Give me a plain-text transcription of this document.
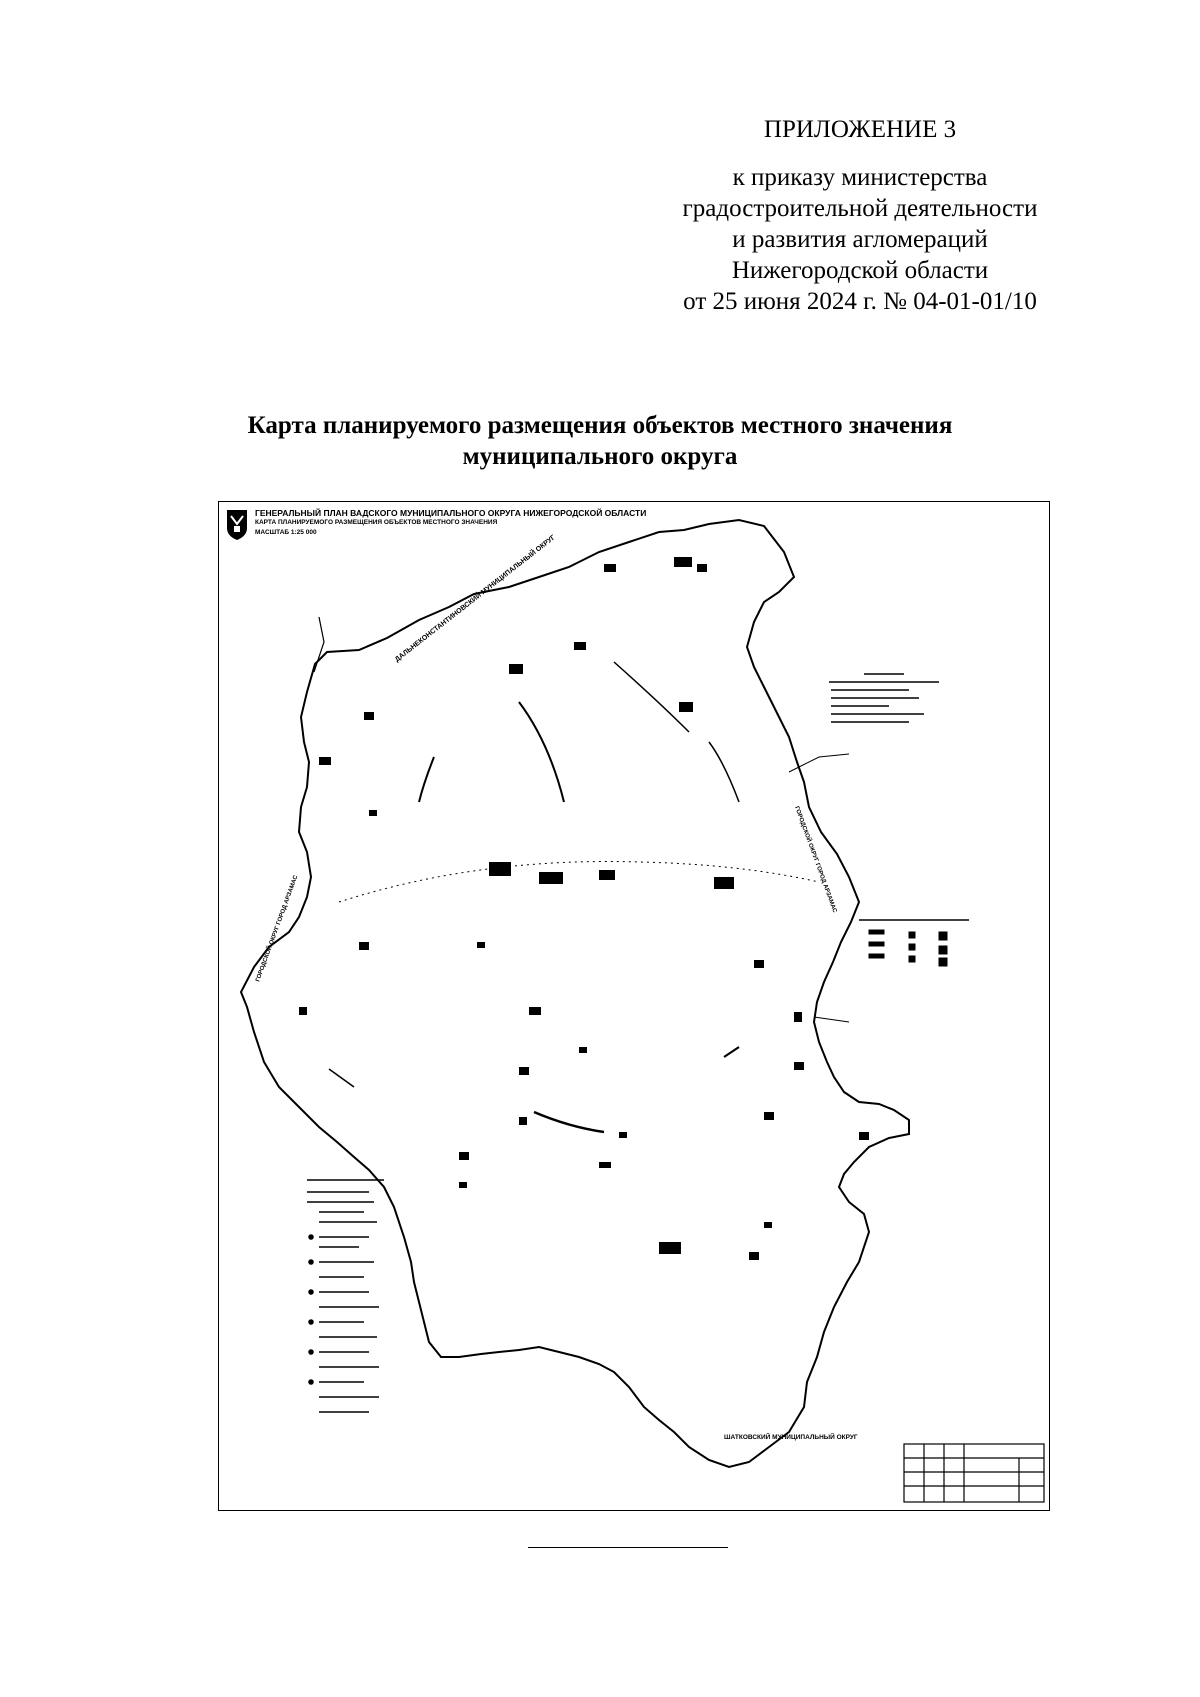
ПРИЛОЖЕНИЕ 3
к приказу министерства
градостроительной деятельности
и развития агломераций
Нижегородской области
от 25 июня 2024 г. № 04-01-01/10
Карта планируемого размещения объектов местного значения
муниципального округа
ДАЛЬНЕКОНСТАНТИНОВСКИЙ МУНИЦИПАЛЬНЫЙ ОКРУГ
ГОРОДСКОЙ ОКРУГ ГОРОД АРЗАМАС
ГОРОДСКОЙ ОКРУГ ГОРОД АРЗАМАС
ШАТКОВСКИЙ МУНИЦИПАЛЬНЫЙ ОКРУГ
ГЕНЕРАЛЬНЫЙ ПЛАН ВАДСКОГО МУНИЦИПАЛЬНОГО ОКРУГА НИЖЕГОРОДСКОЙ ОБЛАСТИ
КАРТА ПЛАНИРУЕМОГО РАЗМЕЩЕНИЯ ОБЪЕКТОВ МЕСТНОГО ЗНАЧЕНИЯ
МАСШТАБ 1:25 000
